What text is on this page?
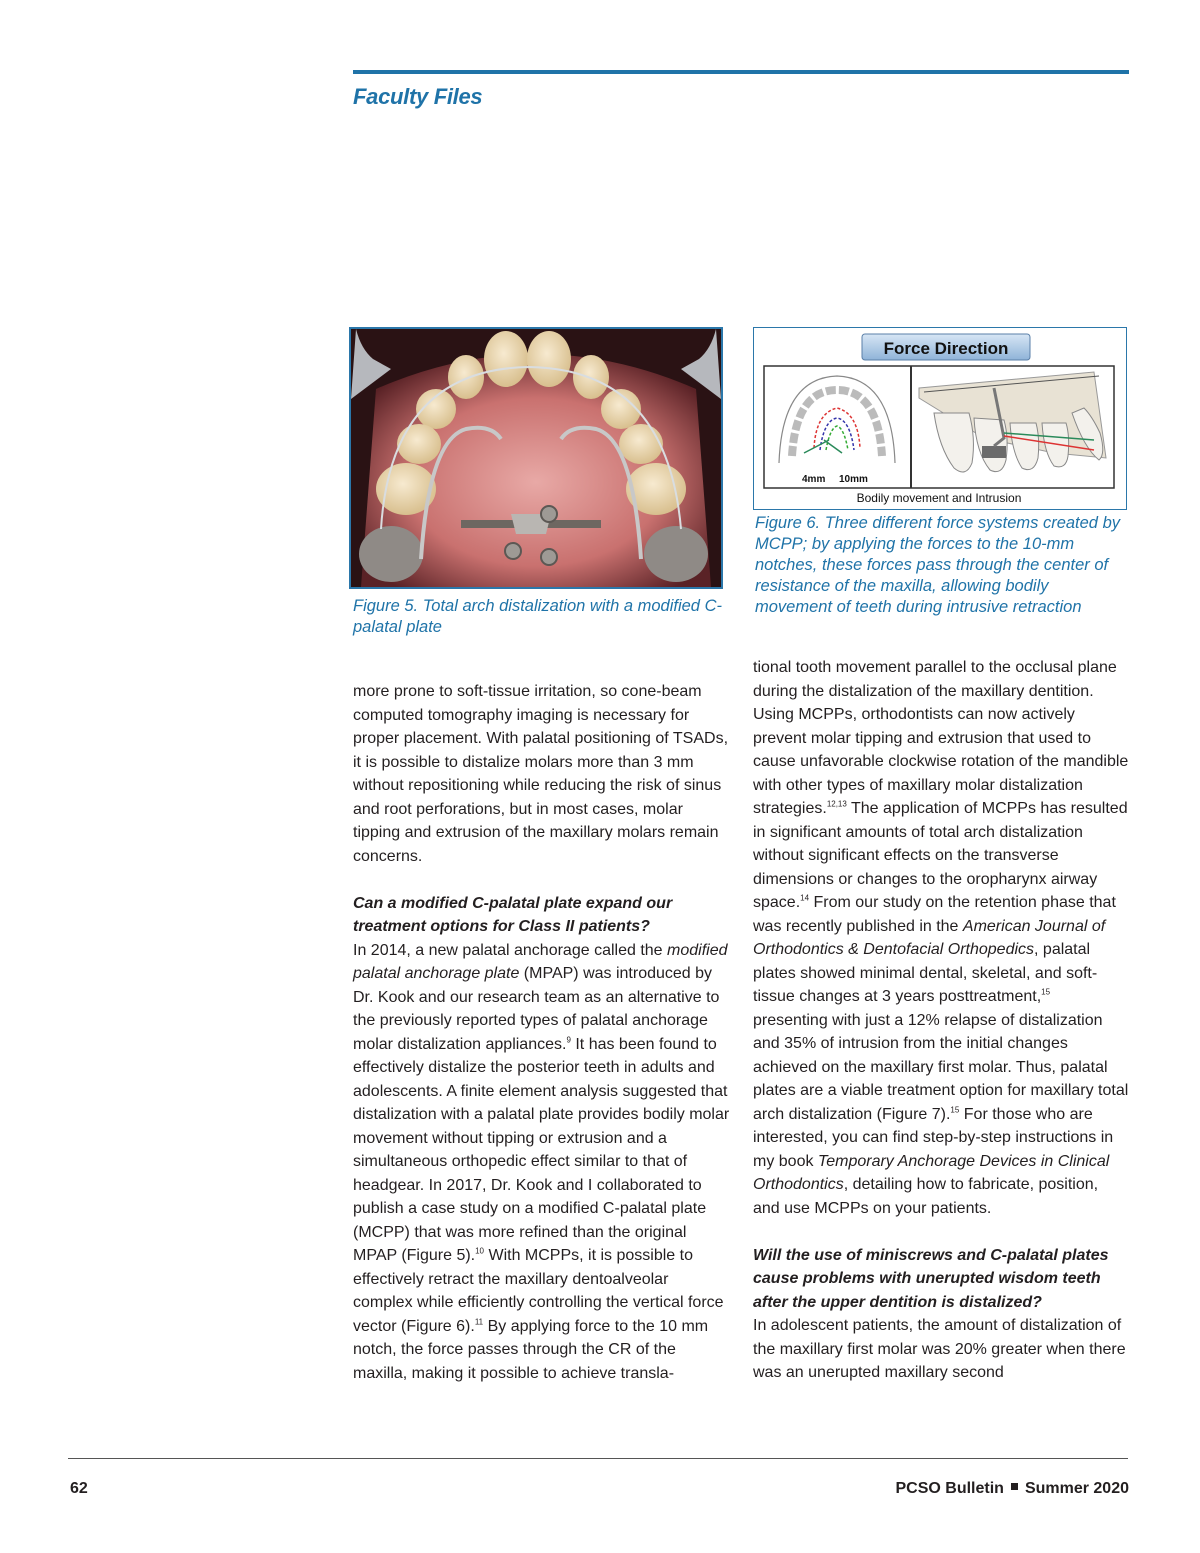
Faculty Files
Figure 5. Total arch distalization with a modified C-palatal plate
Force Direction
4mm 10mm
Bodily movement and Intrusion
Figure 6. Three different force systems created by MCPP; by applying the forces to the 10-mm notches, these forces pass through the center of resistance of the maxilla, allowing bodily movement of teeth during intrusive retraction

more prone to soft-tissue irritation, so cone-beam computed tomography imaging is necessary for proper placement. With palatal positioning of TSADs, it is possible to distalize molars more than 3 mm without repositioning while reducing the risk of sinus and root perforations, but in most cases, molar tipping and extrusion of the maxillary molars remain concerns.

Can a modified C-palatal plate expand our treatment options for Class II patients?

In 2014, a new palatal anchorage called the modified palatal anchorage plate (MPAP) was introduced by Dr. Kook and our research team as an alternative to the previously reported types of palatal anchorage molar distalization appliances.$^9$ It has been found to effectively distalize the posterior teeth in adults and adolescents. A finite element analysis suggested that distalization with a palatal plate provides bodily molar movement without tipping or extrusion and a simultaneous orthopedic effect similar to that of headgear. In 2017, Dr. Kook and I collaborated to publish a case study on a modified C-palatal plate (MCPP) that was more refined than the original MPAP (Figure 5).$^{10}$ With MCPPs, it is possible to effectively retract the maxillary dentoalveolar complex while efficiently controlling the vertical force vector (Figure 6).$^{11}$ By applying force to the 10 mm notch, the force passes through the CR of the maxilla, making it possible to achieve transla-

tional tooth movement parallel to the occlusal plane during the distalization of the maxillary dentition. Using MCPPs, orthodontists can now actively prevent molar tipping and extrusion that used to cause unfavorable clockwise rotation of the mandible with other types of maxillary molar distalization strategies.$^{12,13}$ The application of MCPPs has resulted in significant amounts of total arch distalization without significant effects on the transverse dimensions or changes to the oropharynx airway space.$^{14}$ From our study on the retention phase that was recently published in the American Journal of Orthodontics & Dentofacial Orthopedics, palatal plates showed minimal dental, skeletal, and soft-tissue changes at 3 years posttreatment,$^{15}$ presenting with just a 12% relapse of distalization and 35% of intrusion from the initial changes achieved on the maxillary first molar. Thus, palatal plates are a viable treatment option for maxillary total arch distalization (Figure 7).$^{15}$ For those who are interested, you can find step-by-step instructions in my book Temporary Anchorage Devices in Clinical Orthodontics, detailing how to fabricate, position, and use MCPPs on your patients.

Will the use of miniscrews and C-palatal plates cause problems with unerupted wisdom teeth after the upper dentition is distalized?

In adolescent patients, the amount of distalization of the maxillary first molar was 20% greater when there was an unerupted maxillary second

62	PCSO Bulletin Summer 2020
